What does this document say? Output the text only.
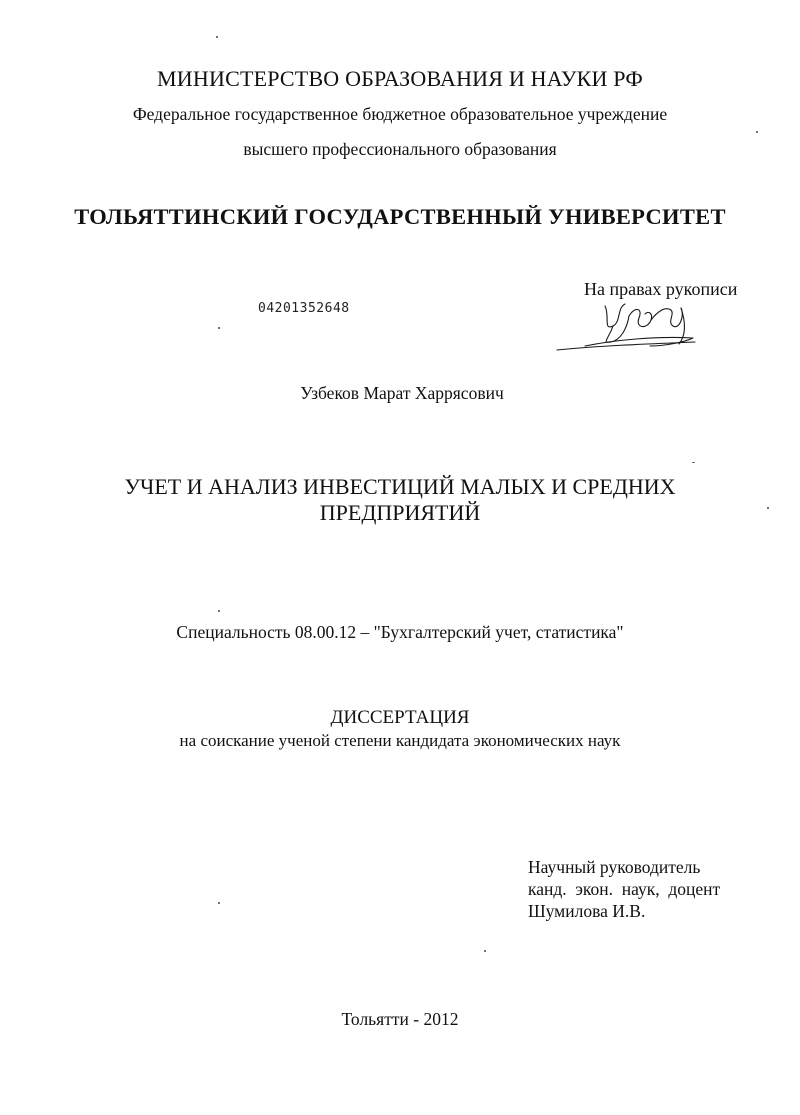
МИНИСТЕРСТВО ОБРАЗОВАНИЯ И НАУКИ РФ
Федеральное государственное бюджетное образовательное учреждение
высшего профессионального образования
ТОЛЬЯТТИНСКИЙ ГОСУДАРСТВЕННЫЙ УНИВЕРСИТЕТ
04201352648
На правах рукописи
Узбеков Марат Харрясович
УЧЕТ И АНАЛИЗ ИНВЕСТИЦИЙ МАЛЫХ И СРЕДНИХ
ПРЕДПРИЯТИЙ
Специальность 08.00.12 – "Бухгалтерский учет, статистика"
ДИССЕРТАЦИЯ
на соискание ученой степени кандидата экономических наук
Научный руководитель
канд.  экон.  наук,  доцент
Шумилова И.В.
Тольятти - 2012
